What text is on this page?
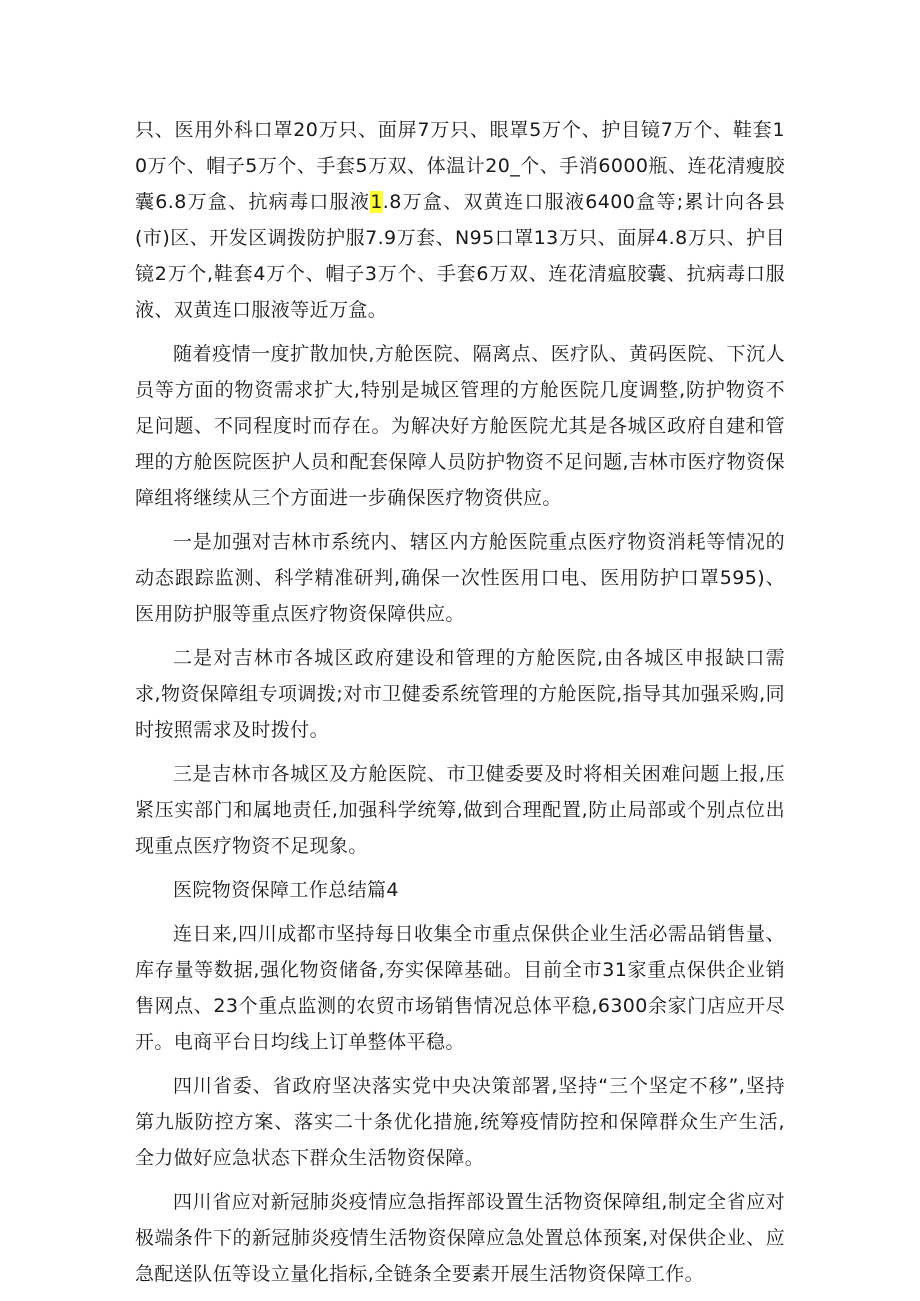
只、医用外科口罩20万只、面屏7万只、眼罩5万个、护目镜7万个、鞋套10万个、帽子5万个、手套5万双、体温计20_个、手消6000瓶、连花清瘦胶囊6.8万盒、抗病毒口服液1.8万盒、双黄连口服液6400盒等;累计向各县(市)区、开发区调拨防护服7.9万套、N95口罩13万只、面屏4.8万只、护目镜2万个,鞋套4万个、帽子3万个、手套6万双、连花清瘟胶囊、抗病毒口服液、双黄连口服液等近万盒。

随着疫情一度扩散加快,方舱医院、隔离点、医疗队、黄码医院、下沉人员等方面的物资需求扩大,特别是城区管理的方舱医院几度调整,防护物资不足问题、不同程度时而存在。为解决好方舱医院尤其是各城区政府自建和管理的方舱医院医护人员和配套保障人员防护物资不足问题,吉林市医疗物资保障组将继续从三个方面进一步确保医疗物资供应。

一是加强对吉林市系统内、辖区内方舱医院重点医疗物资消耗等情况的动态跟踪监测、科学精准研判,确保一次性医用口电、医用防护口罩595)、医用防护服等重点医疗物资保障供应。

二是对吉林市各城区政府建设和管理的方舱医院,由各城区申报缺口需求,物资保障组专项调拨;对市卫健委系统管理的方舱医院,指导其加强采购,同时按照需求及时拨付。

三是吉林市各城区及方舱医院、市卫健委要及时将相关困难问题上报,压紧压实部门和属地责任,加强科学统筹,做到合理配置,防止局部或个别点位出现重点医疗物资不足现象。

医院物资保障工作总结篇4

连日来,四川成都市坚持每日收集全市重点保供企业生活必需品销售量、库存量等数据,强化物资储备,夯实保障基础。目前全市31家重点保供企业销售网点、23个重点监测的农贸市场销售情况总体平稳,6300余家门店应开尽开。电商平台日均线上订单整体平稳。

四川省委、省政府坚决落实党中央决策部署,坚持“三个坚定不移”,坚持第九版防控方案、落实二十条优化措施,统筹疫情防控和保障群众生产生活,全力做好应急状态下群众生活物资保障。

四川省应对新冠肺炎疫情应急指挥部设置生活物资保障组,制定全省应对极端条件下的新冠肺炎疫情生活物资保障应急处置总体预案,对保供企业、应急配送队伍等设立量化指标,全链条全要素开展生活物资保障工作。
